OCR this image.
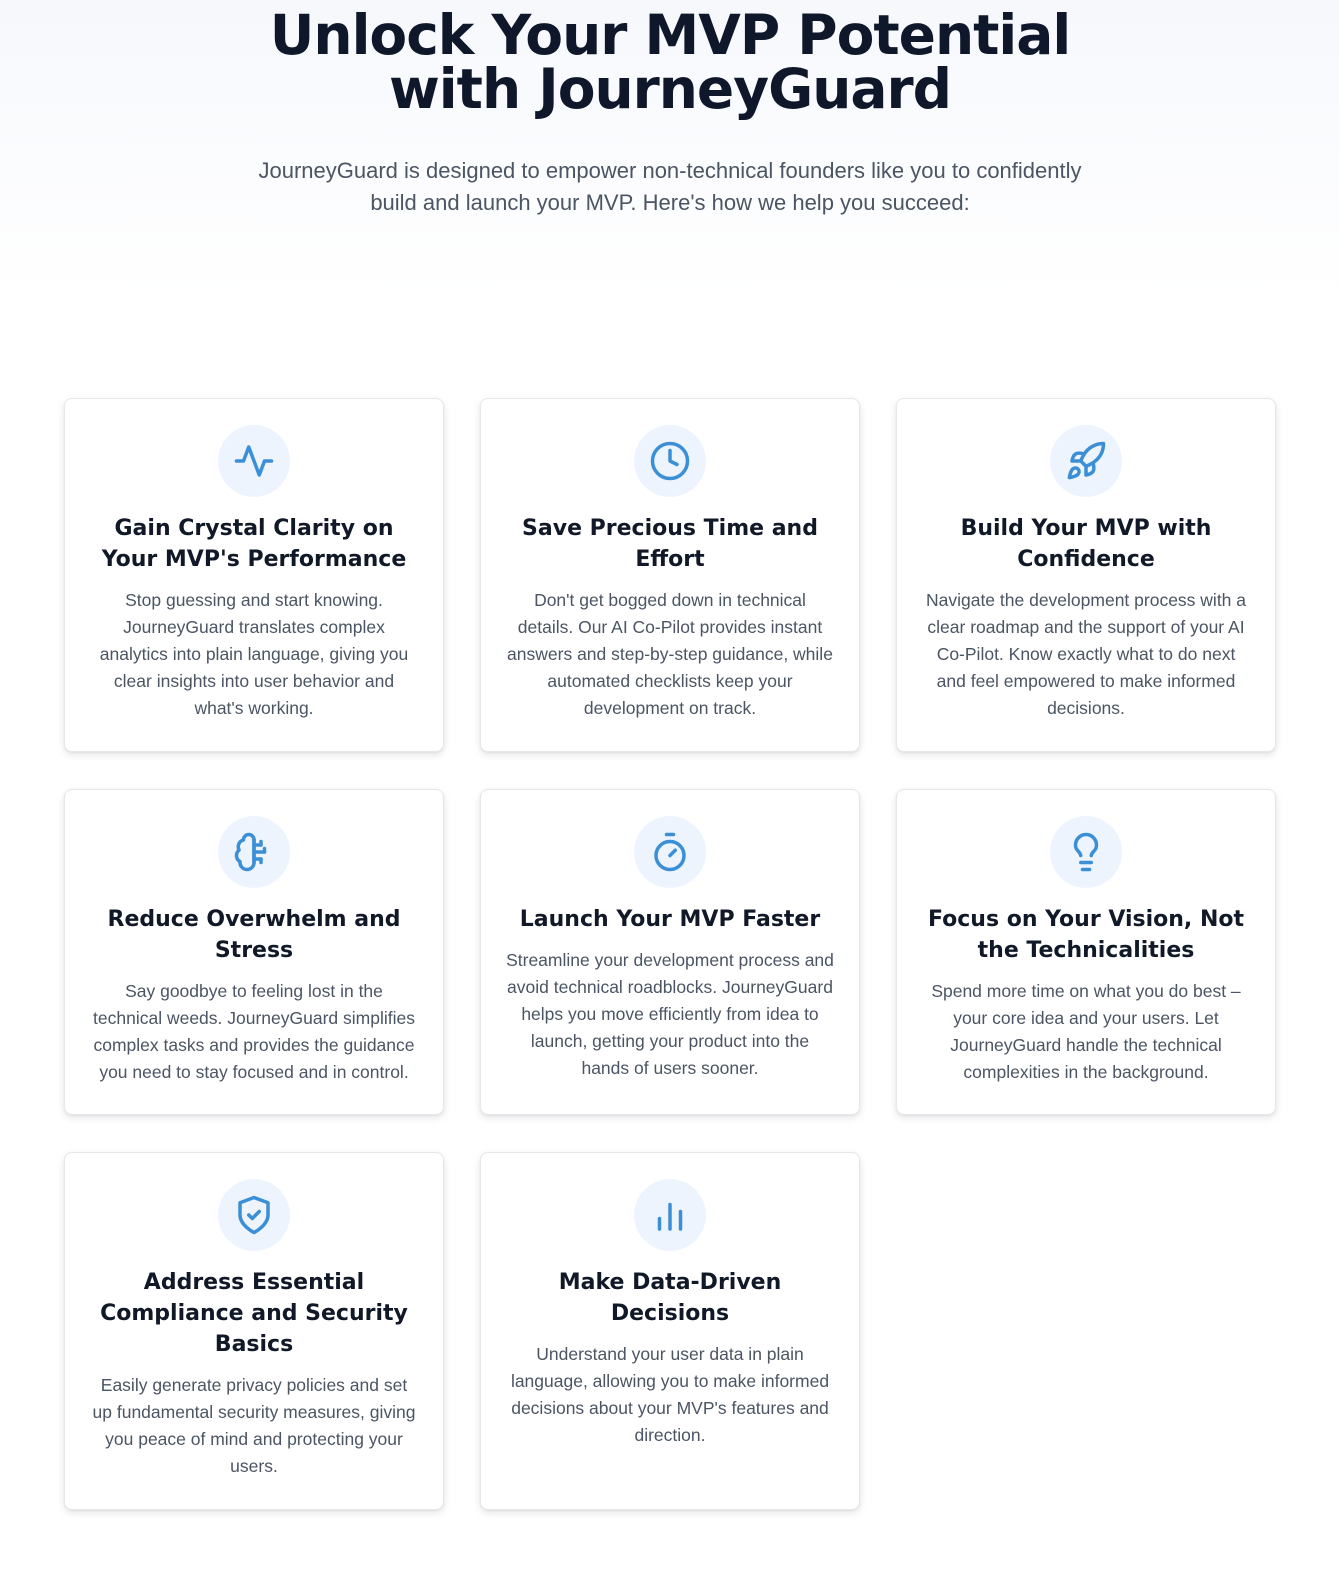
Unlock Your MVP Potential with JourneyGuard

JourneyGuard is designed to empower non-technical founders like you to confidently build and launch your MVP. Here's how we help you succeed:

Gain Crystal Clarity on Your MVP's Performance

Stop guessing and start knowing. JourneyGuard translates complex analytics into plain language, giving you clear insights into user behavior and what's working.

Save Precious Time and Effort

Don't get bogged down in technical details. Our AI Co-Pilot provides instant answers and step-by-step guidance, while automated checklists keep your development on track.

Build Your MVP with Confidence

Navigate the development process with a clear roadmap and the support of your AI Co-Pilot. Know exactly what to do next and feel empowered to make informed decisions.

Reduce Overwhelm and Stress

Say goodbye to feeling lost in the technical weeds. JourneyGuard simplifies complex tasks and provides the guidance you need to stay focused and in control.

Launch Your MVP Faster

Streamline your development process and avoid technical roadblocks. JourneyGuard helps you move efficiently from idea to launch, getting your product into the hands of users sooner.

Focus on Your Vision, Not the Technicalities

Spend more time on what you do best – your core idea and your users. Let JourneyGuard handle the technical complexities in the background.

Address Essential Compliance and Security Basics

Easily generate privacy policies and set up fundamental security measures, giving you peace of mind and protecting your users.

Make Data-Driven Decisions

Understand your user data in plain language, allowing you to make informed decisions about your MVP's features and direction.
